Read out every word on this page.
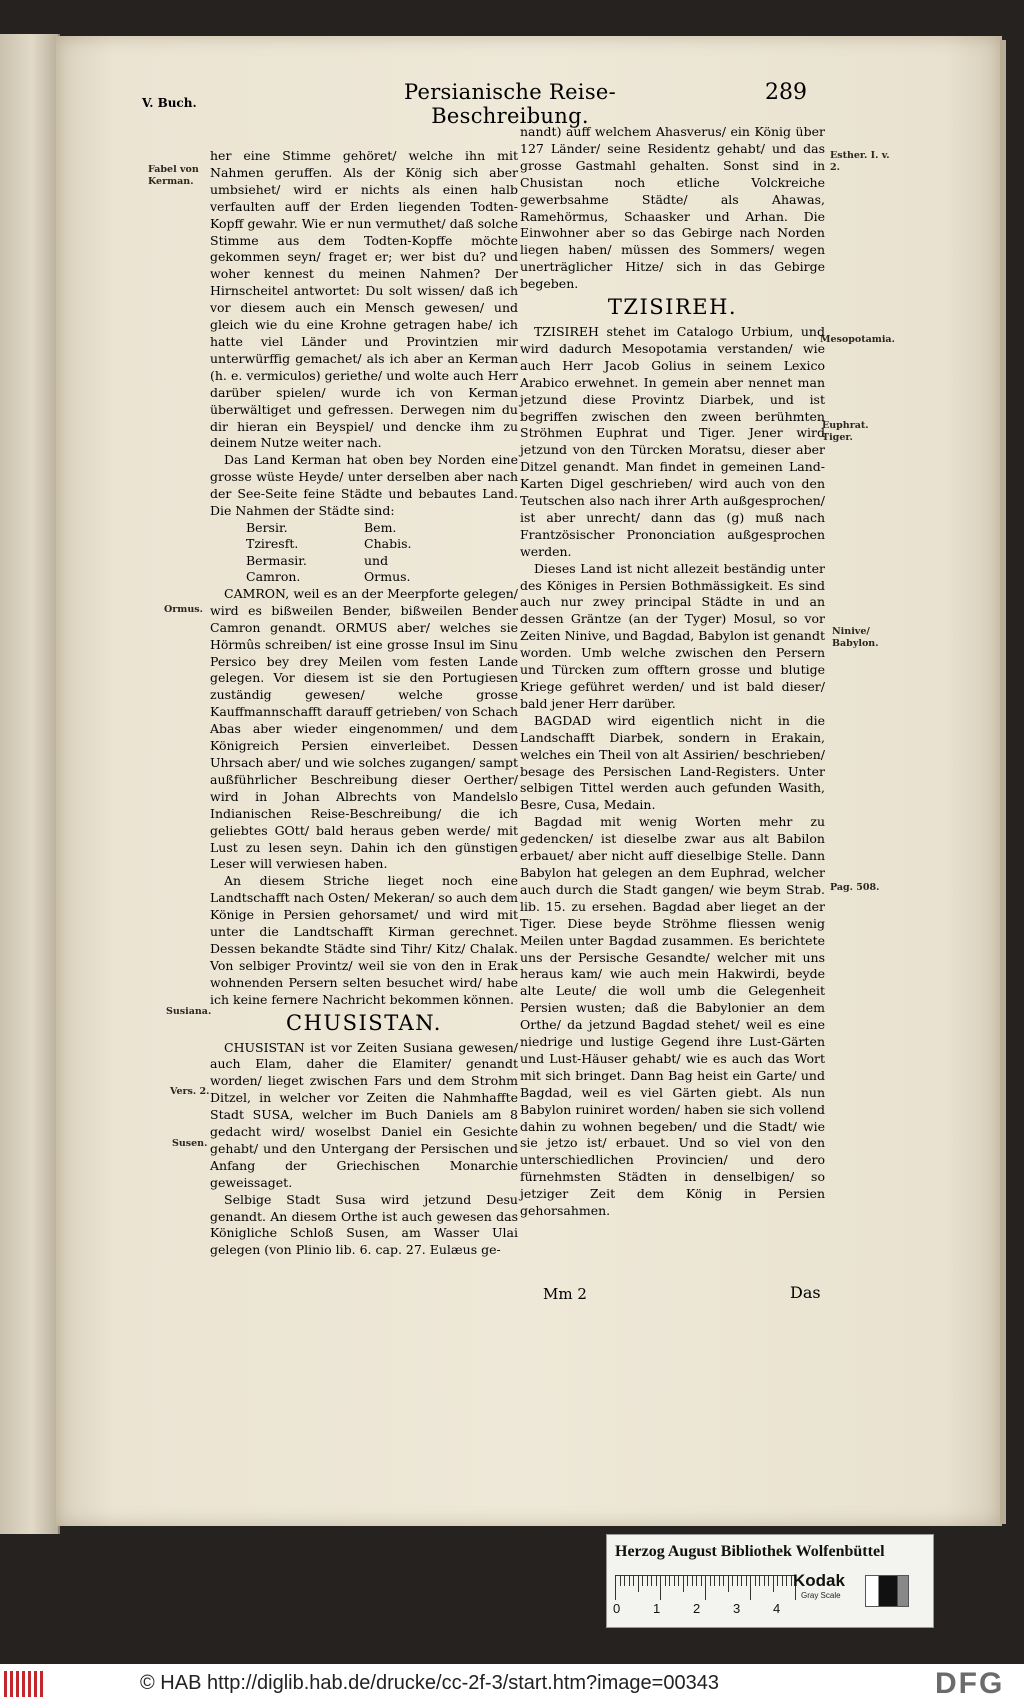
V. Buch.	Persianische Reise-Beschreibung.
289
Fabel von Kerman.
Ormus.
Susiana.
Vers. 2.
Susen.
Esther. I. v. 2.
Mesopotamia.
Euphrat. Tiger.
Ninive/ Babylon.
Pag. 508.

her eine Stimme gehöret/ welche ihn mit Nahmen geruffen. Als der König sich aber umbsiehet/ wird er nichts als einen halb verfaulten auff der Erden liegenden Todten-Kopff gewahr. Wie er nun vermuthet/ daß solche Stimme aus dem Todten-Kopffe möchte gekommen seyn/ fraget er; wer bist du? und woher kennest du meinen Nahmen? Der Hirnscheitel antwortet: Du solt wissen/ daß ich vor diesem auch ein Mensch gewesen/ und gleich wie du eine Krohne getragen habe/ ich hatte viel Länder und Provintzien mir unterwürffig gemachet/ als ich aber an Kerman (h. e. vermiculos) geriethe/ und wolte auch Herr darüber spielen/ wurde ich von Kerman überwältiget und gefressen. Derwegen nim du dir hieran ein Beyspiel/ und dencke ihm zu deinem Nutze weiter nach.

Das Land Kerman hat oben bey Norden eine grosse wüste Heyde/ unter derselben aber nach der See-Seite feine Städte und bebautes Land. Die Nahmen der Städte sind:

Bersir.	Bem.
Tziresft.	Chabis.
Bermasir.	und
Camron.	Ormus.

CAMRON, weil es an der Meerpforte gelegen/ wird es bißweilen Bender, bißweilen Bender Camron genandt. ORMUS aber/ welches sie Hörmûs schreiben/ ist eine grosse Insul im Sinu Persico bey drey Meilen vom festen Lande gelegen. Vor diesem ist sie den Portugiesen zuständig gewesen/ welche grosse Kauffmannschafft darauff getrieben/ von Schach Abas aber wieder eingenommen/ und dem Königreich Persien einverleibet. Dessen Uhrsach aber/ und wie solches zugangen/ sampt außführlicher Beschreibung dieser Oerther/ wird in Johan Albrechts von Mandelslo Indianischen Reise-Beschreibung/ die ich geliebtes GOtt/ bald heraus geben werde/ mit Lust zu lesen seyn. Dahin ich den günstigen Leser will verwiesen haben.

An diesem Striche lieget noch eine Landtschafft nach Osten/ Mekeran/ so auch dem Könige in Persien gehorsamet/ und wird mit unter die Landtschafft Kirman gerechnet. Dessen bekandte Städte sind Tihr/ Kitz/ Chalak. Von selbiger Provintz/ weil sie von den in Erak wohnenden Persern selten besuchet wird/ habe ich keine fernere Nachricht bekommen können.

CHUSISTAN.

CHUSISTAN ist vor Zeiten Susiana gewesen/ auch Elam, daher die Elamiter/ genandt worden/ lieget zwischen Fars und dem Strohm Ditzel, in welcher vor Zeiten die Nahmhaffte Stadt SUSA, welcher im Buch Daniels am 8 gedacht wird/ woselbst Daniel ein Gesichte gehabt/ und den Untergang der Persischen und Anfang der Griechischen Monarchie geweissaget.

Selbige Stadt Susa wird jetzund Desu genandt. An diesem Orthe ist auch gewesen das Königliche Schloß Susen, am Wasser Ulai gelegen (von Plinio lib. 6. cap. 27. Eulæus ge-

nandt) auff welchem Ahasverus/ ein König über 127 Länder/ seine Residentz gehabt/ und das grosse Gastmahl gehalten. Sonst sind in Chusistan noch etliche Volckreiche gewerbsahme Städte/ als Ahawas, Ramehörmus, Schaasker und Arhan. Die Einwohner aber so das Gebirge nach Norden liegen haben/ müssen des Sommers/ wegen unerträglicher Hitze/ sich in das Gebirge begeben.

TZISIREH.

TZISIREH stehet im Catalogo Urbium, und wird dadurch Mesopotamia verstanden/ wie auch Herr Jacob Golius in seinem Lexico Arabico erwehnet. In gemein aber nennet man jetzund diese Provintz Diarbek, und ist begriffen zwischen den zween berühmten Ströhmen Euphrat und Tiger. Jener wird jetzund von den Türcken Moratsu, dieser aber Ditzel genandt. Man findet in gemeinen Land-Karten Digel geschrieben/ wird auch von den Teutschen also nach ihrer Arth außgesprochen/ ist aber unrecht/ dann das (g) muß nach Frantzösischer Prononciation außgesprochen werden.

Dieses Land ist nicht allezeit beständig unter des Königes in Persien Bothmässigkeit. Es sind auch nur zwey principal Städte in und an dessen Gräntze (an der Tyger) Mosul, so vor Zeiten Ninive, und Bagdad, Babylon ist genandt worden. Umb welche zwischen den Persern und Türcken zum offtern grosse und blutige Kriege geführet werden/ und ist bald dieser/ bald jener Herr darüber.

BAGDAD wird eigentlich nicht in die Landschafft Diarbek, sondern in Erakain, welches ein Theil von alt Assirien/ beschrieben/ besage des Persischen Land-Registers. Unter selbigen Tittel werden auch gefunden Wasith, Besre, Cusa, Medain.

Bagdad mit wenig Worten mehr zu gedencken/ ist dieselbe zwar aus alt Babilon erbauet/ aber nicht auff dieselbige Stelle. Dann Babylon hat gelegen an dem Euphrad, welcher auch durch die Stadt gangen/ wie beym Strab. lib. 15. zu ersehen. Bagdad aber lieget an der Tiger. Diese beyde Ströhme fliessen wenig Meilen unter Bagdad zusammen. Es berichtete uns der Persische Gesandte/ welcher mit uns heraus kam/ wie auch mein Hakwirdi, beyde alte Leute/ die woll umb die Gelegenheit Persien wusten; daß die Babylonier an dem Orthe/ da jetzund Bagdad stehet/ weil es eine niedrige und lustige Gegend ihre Lust-Gärten und Lust-Häuser gehabt/ wie es auch das Wort mit sich bringet. Dann Bag heist ein Garte/ und Bagdad, weil es viel Gärten giebt. Als nun Babylon ruiniret worden/ haben sie sich vollend dahin zu wohnen begeben/ und die Stadt/ wie sie jetzo ist/ erbauet. Und so viel von den unterschiedlichen Provincien/ und dero fürnehmsten Städten in denselbigen/ so jetziger Zeit dem König in Persien gehorsahmen.

Mm 2	Das
Herzog August Bibliothek Wolfenbüttel
0	1	2	3	4
Kodak
Gray Scale
© HAB http://diglib.hab.de/drucke/cc-2f-3/start.htm?image=00343	DFG
